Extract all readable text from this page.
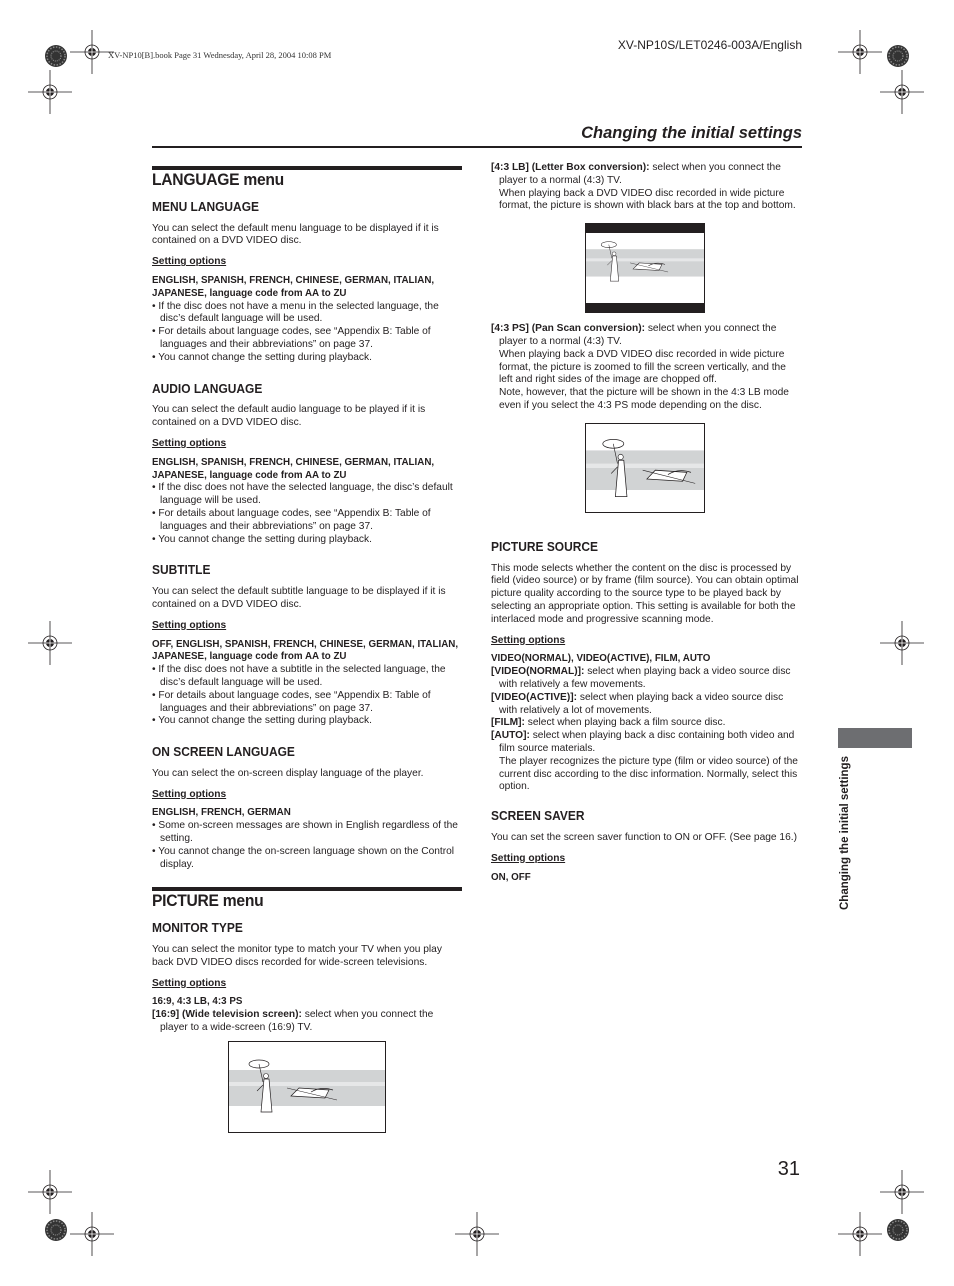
XV-NP10[B].book Page 31 Wednesday, April 28, 2004 10:08 PM
XV-NP10S/LET0246-003A/English
Changing the initial settings
LANGUAGE menu
MENU LANGUAGE

You can select the default menu language to be displayed if it is contained on a DVD VIDEO disc.

Setting options

ENGLISH, SPANISH, FRENCH, CHINESE, GERMAN, ITALIAN, JAPANESE, language code from AA to ZU

• If the disc does not have a menu in the selected language, the disc’s default language will be used.
• For details about language codes, see “Appendix B: Table of languages and their abbreviations” on page 37.
• You cannot change the setting during playback.
AUDIO LANGUAGE

You can select the default audio language to be played if it is contained on a DVD VIDEO disc.

Setting options

ENGLISH, SPANISH, FRENCH, CHINESE, GERMAN, ITALIAN, JAPANESE, language code from AA to ZU

• If the disc does not have the selected language, the disc’s default language will be used.
• For details about language codes, see “Appendix B: Table of languages and their abbreviations” on page 37.
• You cannot change the setting during playback.
SUBTITLE

You can select the default subtitle language to be displayed if it is contained on a DVD VIDEO disc.

Setting options

OFF, ENGLISH, SPANISH, FRENCH, CHINESE, GERMAN, ITALIAN, JAPANESE, language code from AA to ZU

• If the disc does not have a subtitle in the selected language, the disc’s default language will be used.
• For details about language codes, see “Appendix B: Table of languages and their abbreviations” on page 37.
• You cannot change the setting during playback.
ON SCREEN LANGUAGE

You can select the on-screen display language of the player.

Setting options

ENGLISH, FRENCH, GERMAN

• Some on-screen messages are shown in English regardless of the setting.
• You cannot change the on-screen language shown on the Control display.
PICTURE menu
MONITOR TYPE

You can select the monitor type to match your TV when you play back DVD VIDEO discs recorded for wide-screen televisions.

Setting options

16:9, 4:3 LB, 4:3 PS

[16:9] (Wide television screen): select when you connect the player to a wide-screen (16:9) TV.
[4:3 LB] (Letter Box conversion): select when you connect the player to a normal (4:3) TV.
When playing back a DVD VIDEO disc recorded in wide picture format, the picture is shown with black bars at the top and bottom.
[4:3 PS] (Pan Scan conversion): select when you connect the player to a normal (4:3) TV.
When playing back a DVD VIDEO disc recorded in wide picture format, the picture is zoomed to fill the screen vertically, and the left and right sides of the image are chopped off.
Note, however, that the picture will be shown in the 4:3 LB mode even if you select the 4:3 PS mode depending on the disc.
PICTURE SOURCE

This mode selects whether the content on the disc is processed by field (video source) or by frame (film source). You can obtain optimal picture quality according to the source type to be played back by selecting an appropriate option. This setting is available for both the interlaced mode and progressive scanning mode.

Setting options

VIDEO(NORMAL), VIDEO(ACTIVE), FILM, AUTO

[VIDEO(NORMAL)]: select when playing back a video source disc with relatively a few movements.
[VIDEO(ACTIVE)]: select when playing back a video source disc with relatively a lot of movements.
[FILM]: select when playing back a film source disc.
[AUTO]: select when playing back a disc containing both video and film source materials.
The player recognizes the picture type (film or video source) of the current disc according to the disc information. Normally, select this option.
SCREEN SAVER

You can set the screen saver function to ON or OFF. (See page 16.)

Setting options

ON, OFF	Changing the initial settings
31
